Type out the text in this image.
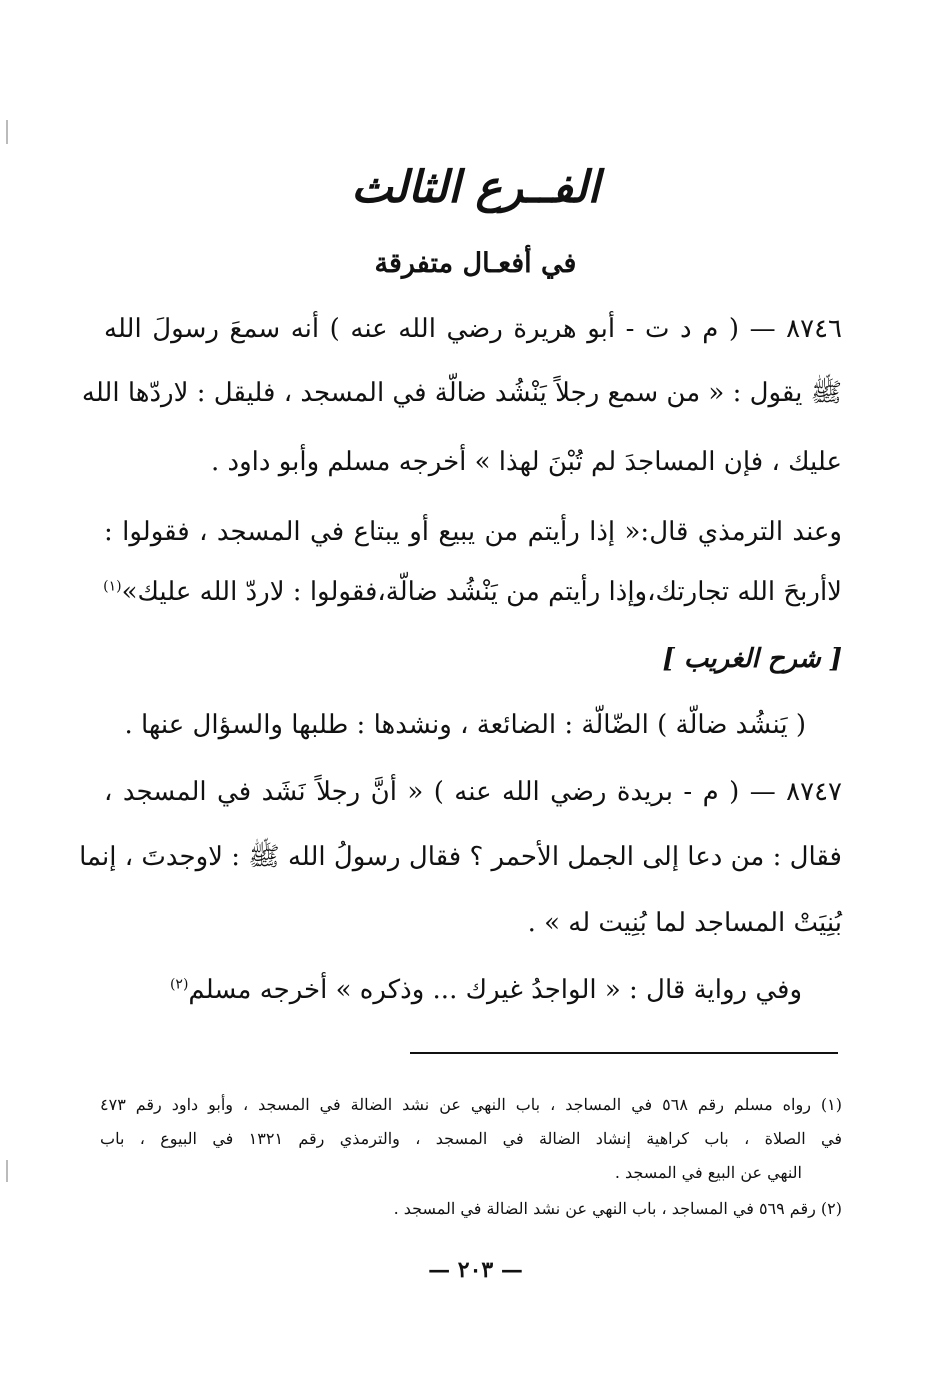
الفــرع الثالث
في أفعـال متفرقة
٨٧٤٦ — ( م د ت - أبو هريرة رضي الله عنه ) أنه سمعَ رسولَ الله
ﷺ يقول : « من سمع رجلاً يَنْشُد ضالّة في المسجد ، فليقل : لاردّها الله
عليك ، فإن المساجدَ لم تُبْنَ لهذا » أخرجه مسلم وأبو داود .
وعند الترمذي قال:« إذا رأيتم من يبيع أو يبتاع في المسجد ، فقولوا :
لاأربحَ الله تجارتك،وإذا رأيتم من يَنْشُد ضالّة،فقولوا : لاردّ الله عليك»$^{(١)}$
[ شرح الغريب ]
( يَنشُد ضالّة ) الضّالّة : الضائعة ، ونشدها : طلبها والسؤال عنها .
٨٧٤٧ — ( م - بريدة رضي الله عنه ) « أنَّ رجلاً نَشَد في المسجد ،
فقال : من دعا إلى الجمل الأحمر ؟ فقال رسولُ الله ﷺ : لاوجدتَ ، إنما
بُنِيَتْ المساجد لما بُنِيت له » .
وفي رواية قال : « الواجدُ غيرك ... وذكره » أخرجه مسلم$^{(٢)}$
(١) رواه مسلم رقم ٥٦٨ في المساجد ، باب النهي عن نشد الضالة في المسجد ، وأبو داود رقم ٤٧٣
في الصلاة ، باب كراهية إنشاد الضالة في المسجد ، والترمذي رقم ١٣٢١ في البيوع ، باب
النهي عن البيع في المسجد .
(٢) رقم ٥٦٩ في المساجد ، باب النهي عن نشد الضالة في المسجد .
— ٢٠٣ —
